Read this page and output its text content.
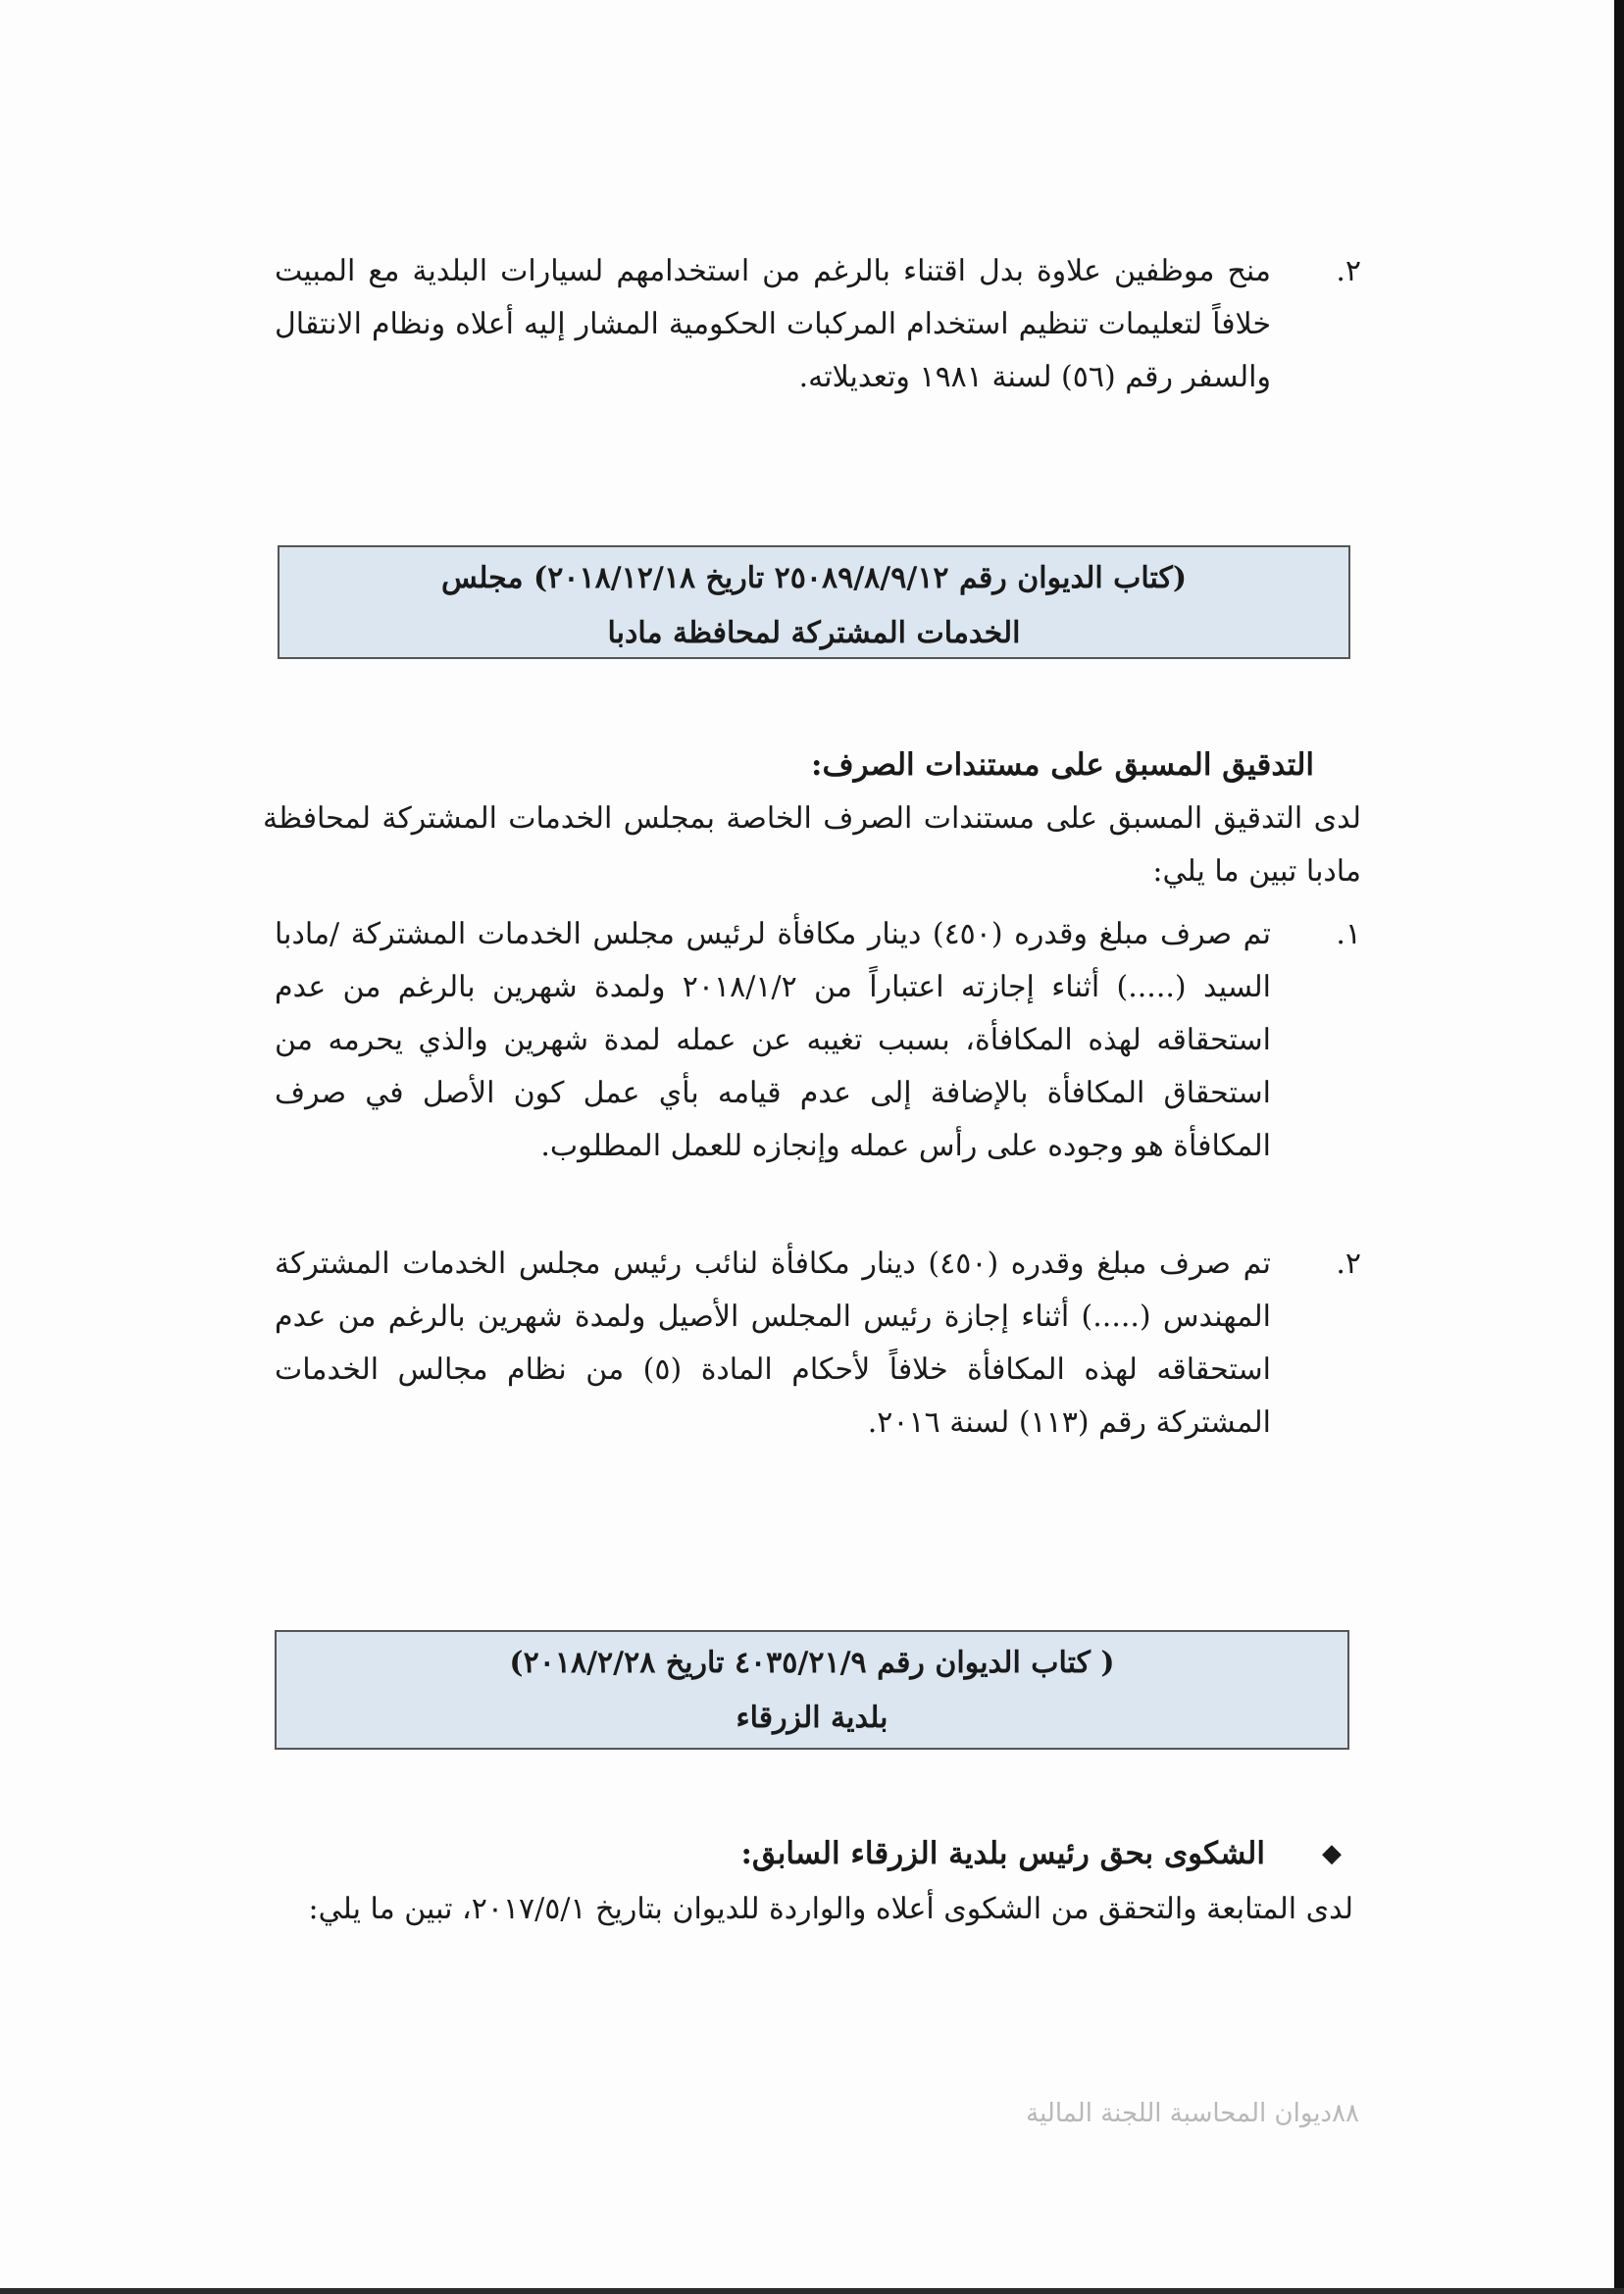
٢.
منح موظفين علاوة بدل اقتناء بالرغم من استخدامهم لسيارات البلدية مع المبيت خلافاً لتعليمات تنظيم استخدام المركبات الحكومية المشار إليه أعلاه ونظام الانتقال والسفر رقم (٥٦) لسنة ١٩٨١ وتعديلاته.
(كتاب الديوان رقم ٢٥٠٨٩/٨/٩/١٢ تاريخ ٢٠١٨/١٢/١٨) مجلس
الخدمات المشتركة لمحافظة مادبا
التدقيق المسبق على مستندات الصرف:
لدى التدقيق المسبق على مستندات الصرف الخاصة بمجلس الخدمات المشتركة لمحافظة مادبا تبين ما يلي:
١.
تم صرف مبلغ وقدره (٤٥٠) دينار مكافأة لرئيس مجلس الخدمات المشتركة /مادبا السيد (.....) أثناء إجازته اعتباراً من ٢٠١٨/١/٢ ولمدة شهرين بالرغم من عدم استحقاقه لهذه المكافأة، بسبب تغيبه عن عمله لمدة شهرين والذي يحرمه من استحقاق المكافأة بالإضافة إلى عدم قيامه بأي عمل كون الأصل في صرف المكافأة هو وجوده على رأس عمله وإنجازه للعمل المطلوب.
٢.
تم صرف مبلغ وقدره (٤٥٠) دينار مكافأة لنائب رئيس مجلس الخدمات المشتركة المهندس (.....) أثناء إجازة رئيس المجلس الأصيل ولمدة شهرين بالرغم من عدم استحقاقه لهذه المكافأة خلافاً لأحكام المادة (٥) من نظام مجالس الخدمات المشتركة رقم (١١٣) لسنة ٢٠١٦.
( كتاب الديوان رقم ٤٠٣٥/٢١/٩ تاريخ ٢٠١٨/٢/٢٨)
بلدية الزرقاء
◆
الشكوى بحق رئيس بلدية الزرقاء السابق:
لدى المتابعة والتحقق من الشكوى أعلاه والواردة للديوان بتاريخ ٢٠١٧/٥/١، تبين ما يلي:
٨٨ديوان المحاسبة اللجنة المالية
